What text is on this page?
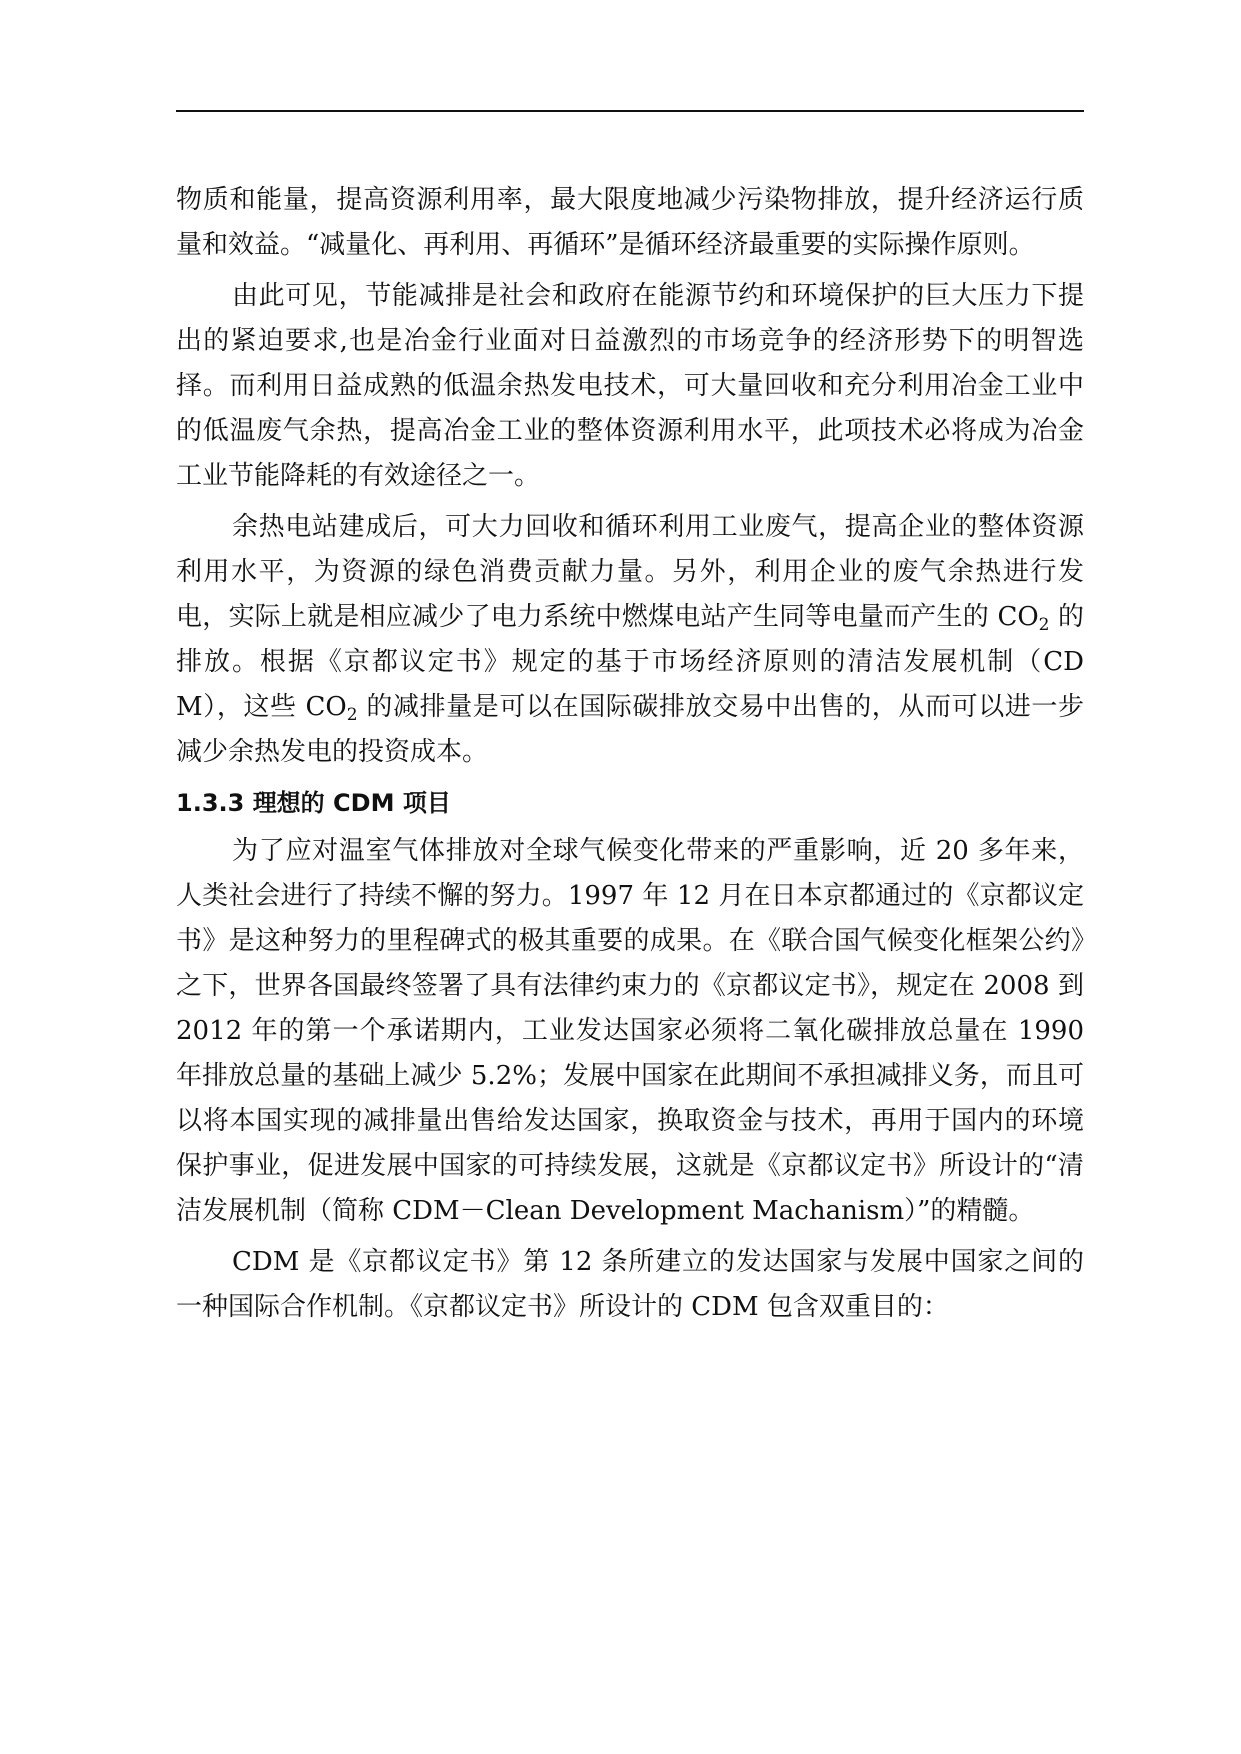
物质和能量，提高资源利用率，最大限度地减少污染物排放，提升经济运行质量和效益。“减量化、再利用、再循环”是循环经济最重要的实际操作原则。

由此可见，节能减排是社会和政府在能源节约和环境保护的巨大压力下提出的紧迫要求,也是冶金行业面对日益激烈的市场竞争的经济形势下的明智选择。而利用日益成熟的低温余热发电技术，可大量回收和充分利用冶金工业中的低温废气余热，提高冶金工业的整体资源利用水平，此项技术必将成为冶金工业节能降耗的有效途径之一。

余热电站建成后，可大力回收和循环利用工业废气，提高企业的整体资源利用水平，为资源的绿色消费贡献力量。另外，利用企业的废气余热进行发电，实际上就是相应减少了电力系统中燃煤电站产生同等电量而产生的 $CO_2$ 的排放。根据《京都议定书》规定的基于市场经济原则的清洁发展机制（CDM），这些 $CO_2$ 的减排量是可以在国际碳排放交易中出售的，从而可以进一步减少余热发电的投资成本。

1.3.3 理想的 CDM 项目

为了应对温室气体排放对全球气候变化带来的严重影响，近 20 多年来，人类社会进行了持续不懈的努力。1997 年 12 月在日本京都通过的《京都议定书》是这种努力的里程碑式的极其重要的成果。在《联合国气候变化框架公约》之下，世界各国最终签署了具有法律约束力的《京都议定书》，规定在 2008 到 2012 年的第一个承诺期内，工业发达国家必须将二氧化碳排放总量在 1990 年排放总量的基础上减少 5.2%；发展中国家在此期间不承担减排义务，而且可以将本国实现的减排量出售给发达国家，换取资金与技术，再用于国内的环境保护事业，促进发展中国家的可持续发展，这就是《京都议定书》所设计的“清洁发展机制（简称 CDM－Clean Development Machanism）”的精髓。

CDM 是《京都议定书》第 12 条所建立的发达国家与发展中国家之间的一种国际合作机制。《京都议定书》所设计的 CDM 包含双重目的：
